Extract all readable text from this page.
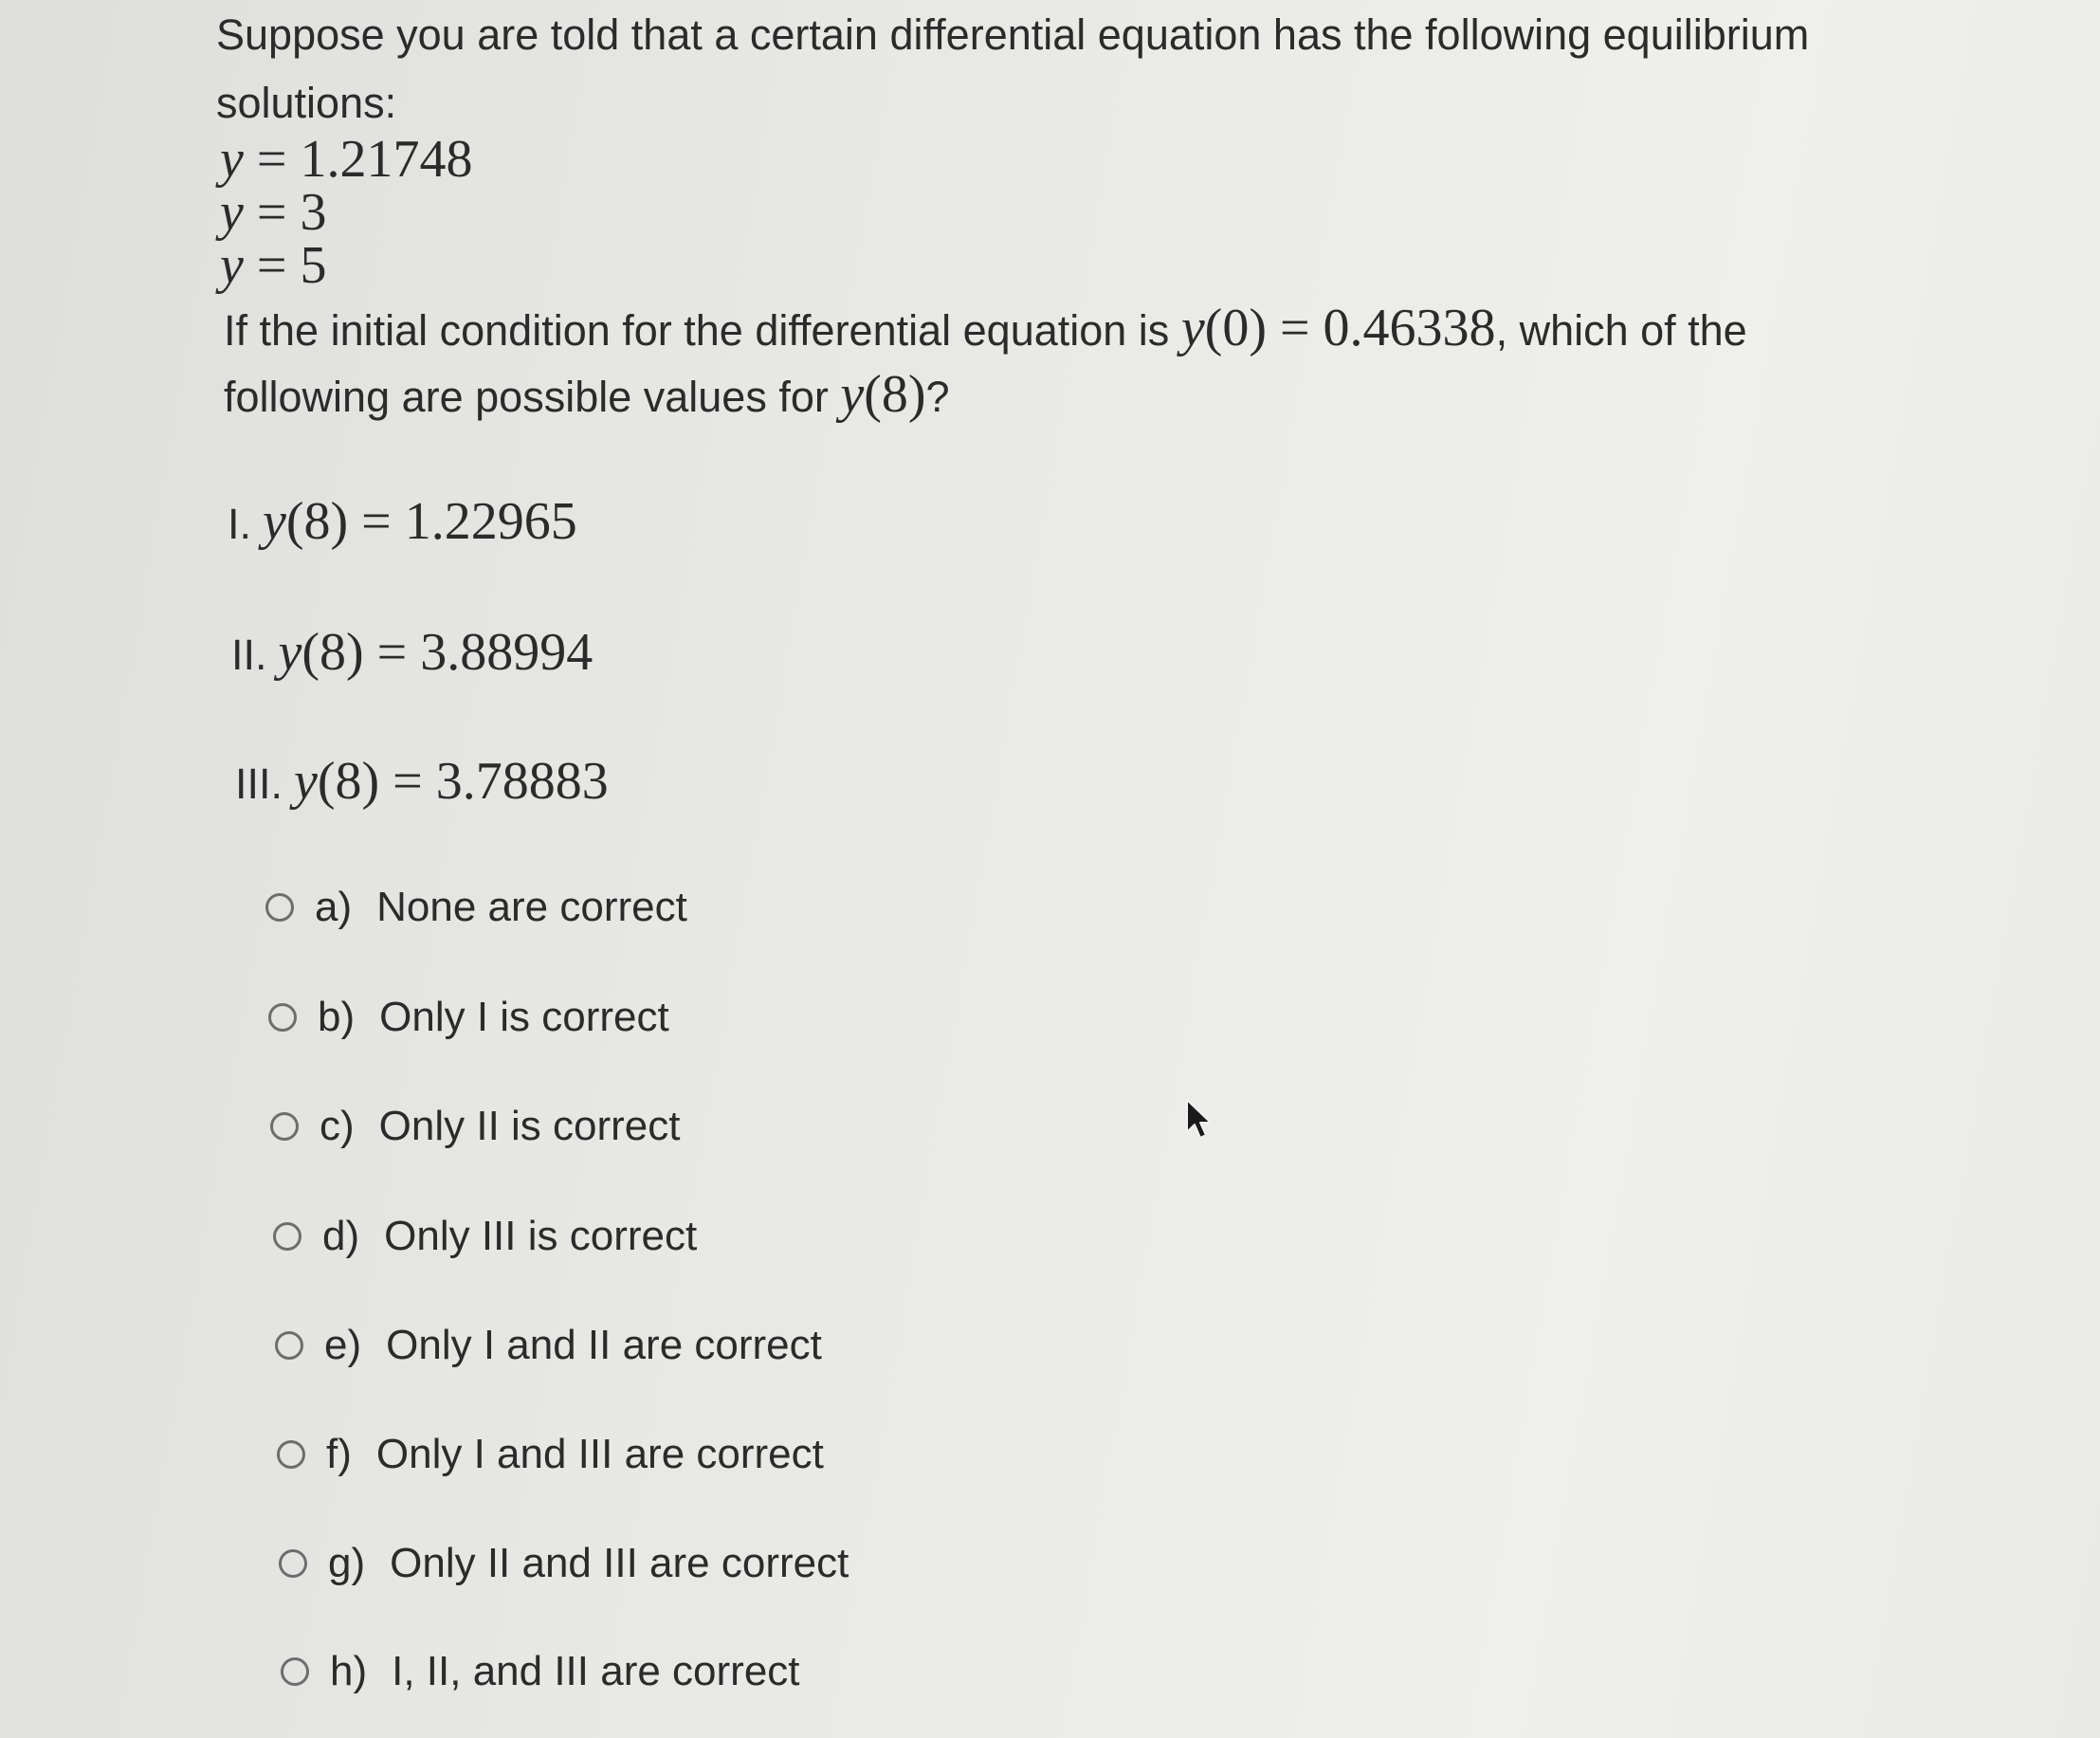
Suppose you are told that a certain differential equation has the following equilibrium
solutions:
y = 1.21748
y = 3
y = 5
If the initial condition for the differential equation is y(0) = 0.46338, which of the
following are possible values for y(8)?
I. y(8) = 1.22965
II. y(8) = 3.88994
III. y(8) = 3.78883
a) None are correct
b) Only I is correct
c) Only II is correct
d) Only III is correct
e) Only I and II are correct
f) Only I and III are correct
g) Only II and III are correct
h) I, II, and III are correct
